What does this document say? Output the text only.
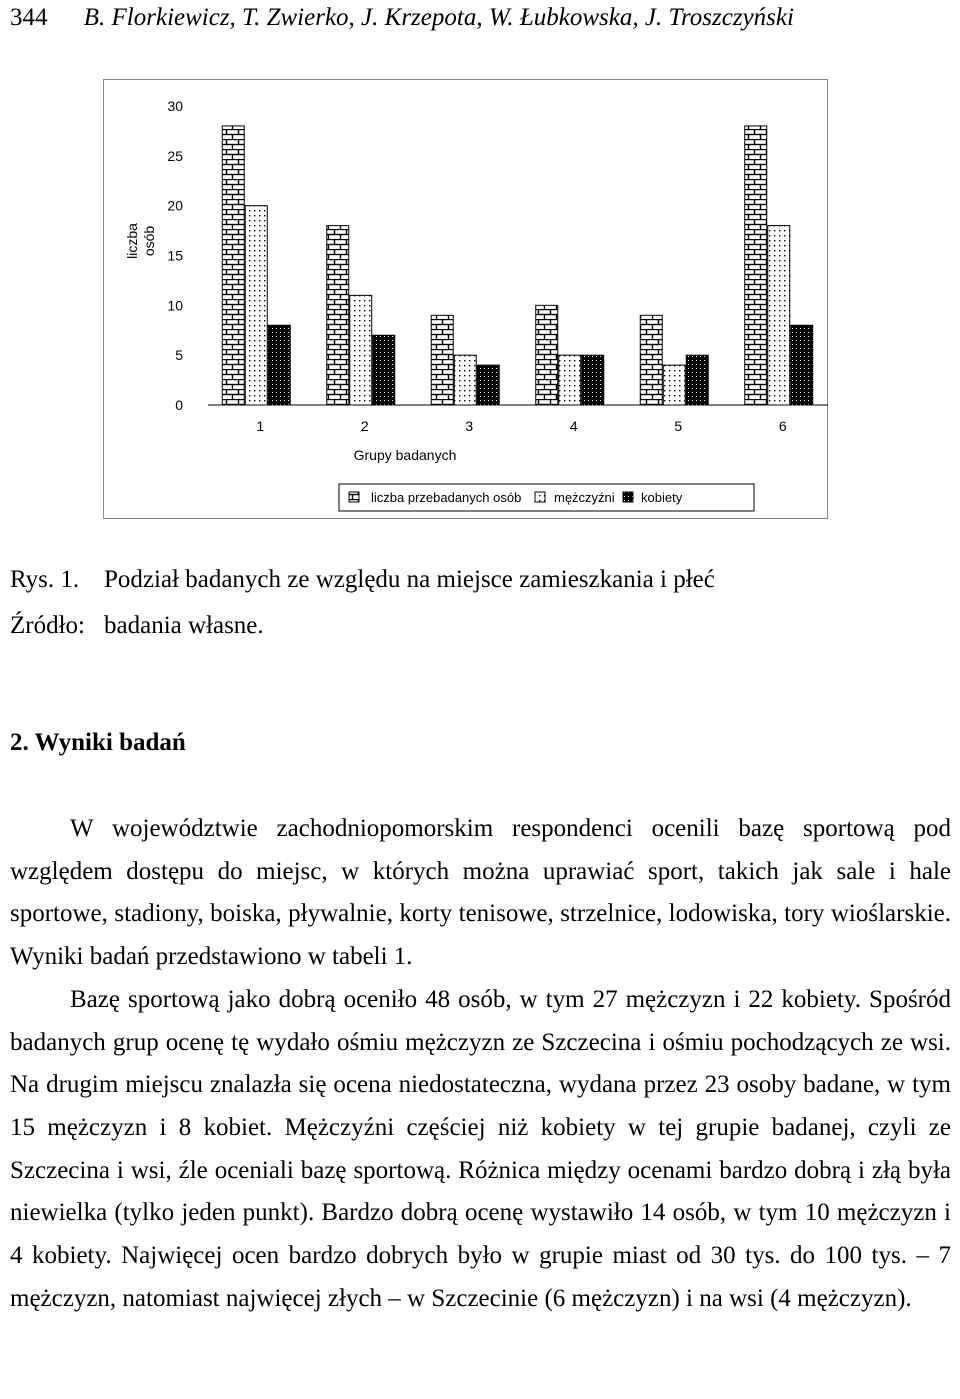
344 B. Florkiewicz, T. Zwierko, J. Krzepota, W. Łubkowska, J. Troszczyński
0
5
10
15
20
25
30
liczba osób
1	2	3	4	5	6
Grupy badanych
liczba przebadanych osób	mężczyźni kobiety
Rys. 1. Podział badanych ze względu na miejsce zamieszkania i płeć
Źródło: badania własne.
2. Wyniki badań

W województwie zachodniopomorskim respondenci ocenili bazę sportową pod względem dostępu do miejsc, w których można uprawiać sport, takich jak sale i hale sportowe, stadiony, boiska, pływalnie, korty tenisowe, strzelnice, lodowiska, tory wioślarskie. Wyniki badań przedstawiono w tabeli 1.

Bazę sportową jako dobrą oceniło 48 osób, w tym 27 mężczyzn i 22 kobiety. Spośród badanych grup ocenę tę wydało ośmiu mężczyzn ze Szczecina i ośmiu pochodzących ze wsi. Na drugim miejscu znalazła się ocena niedostateczna, wydana przez 23 osoby badane, w tym 15 mężczyzn i 8 kobiet. Mężczyźni częściej niż kobiety w tej grupie badanej, czyli ze Szczecina i wsi, źle oceniali bazę sportową. Różnica między ocenami bardzo dobrą i złą była niewielka (tylko jeden punkt). Bardzo dobrą ocenę wystawiło 14 osób, w tym 10 mężczyzn i 4 kobiety. Najwięcej ocen bardzo dobrych było w grupie miast od 30 tys. do 100 tys. – 7 mężczyzn, natomiast najwięcej złych – w Szczecinie (6 mężczyzn) i na wsi (4 mężczyzn).
